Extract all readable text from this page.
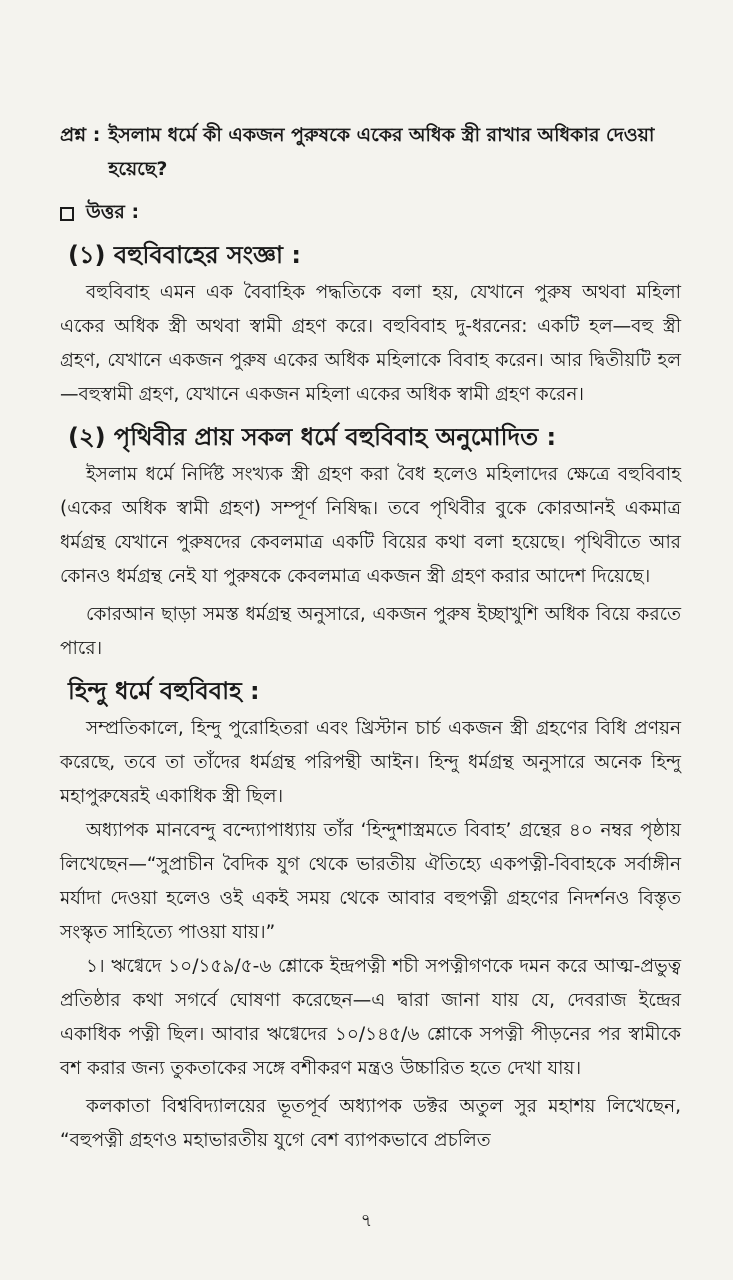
প্রশ্ন : ইসলাম ধর্মে কী একজন পুরুষকে একের অধিক স্ত্রী রাখার অধিকার দেওয়া হয়েছে?
উত্তর :
(১) বহুবিবাহের সংজ্ঞা :

বহুবিবাহ এমন এক বৈবাহিক পদ্ধতিকে বলা হয়, যেখানে পুরুষ অথবা মহিলা একের অধিক স্ত্রী অথবা স্বামী গ্রহণ করে। বহুবিবাহ দু-ধরনের: একটি হল—বহু স্ত্রী গ্রহণ, যেখানে একজন পুরুষ একের অধিক মহিলাকে বিবাহ করেন। আর দ্বিতীয়টি হল—বহুস্বামী গ্রহণ, যেখানে একজন মহিলা একের অধিক স্বামী গ্রহণ করেন।

(২) পৃথিবীর প্রায় সকল ধর্মে বহুবিবাহ অনুমোদিত :

ইসলাম ধর্মে নির্দিষ্ট সংখ্যক স্ত্রী গ্রহণ করা বৈধ হলেও মহিলাদের ক্ষেত্রে বহুবিবাহ (একের অধিক স্বামী গ্রহণ) সম্পূর্ণ নিষিদ্ধ। তবে পৃথিবীর বুকে কোরআনই একমাত্র ধর্মগ্রন্থ যেখানে পুরুষদের কেবলমাত্র একটি বিয়ের কথা বলা হয়েছে। পৃথিবীতে আর কোনও ধর্মগ্রন্থ নেই যা পুরুষকে কেবলমাত্র একজন স্ত্রী গ্রহণ করার আদেশ দিয়েছে।

কোরআন ছাড়া সমস্ত ধর্মগ্রন্থ অনুসারে, একজন পুরুষ ইচ্ছাখুশি অধিক বিয়ে করতে পারে।

হিন্দু ধর্মে বহুবিবাহ :

সম্প্রতিকালে, হিন্দু পুরোহিতরা এবং খ্রিস্টান চার্চ একজন স্ত্রী গ্রহণের বিধি প্রণয়ন করেছে, তবে তা তাঁদের ধর্মগ্রন্থ পরিপন্থী আইন। হিন্দু ধর্মগ্রন্থ অনুসারে অনেক হিন্দু মহাপুরুষেরই একাধিক স্ত্রী ছিল।

অধ্যাপক মানবেন্দু বন্দ্যোপাধ্যায় তাঁর ‘হিন্দুশাস্ত্রমতে বিবাহ’ গ্রন্থের ৪০ নম্বর পৃষ্ঠায় লিখেছেন—“সুপ্রাচীন বৈদিক যুগ থেকে ভারতীয় ঐতিহ্যে একপত্নী-বিবাহকে সর্বাঙ্গীন মর্যাদা দেওয়া হলেও ওই একই সময় থেকে আবার বহুপত্নী গ্রহণের নিদর্শনও বিস্তৃত সংস্কৃত সাহিত্যে পাওয়া যায়।”

১। ঋগ্বেদে ১০/১৫৯/৫-৬ শ্লোকে ইন্দ্রপত্নী শচী সপত্নীগণকে দমন করে আত্ম-প্রভুত্ব প্রতিষ্ঠার কথা সগর্বে ঘোষণা করেছেন—এ দ্বারা জানা যায় যে, দেবরাজ ইন্দ্রের একাধিক পত্নী ছিল। আবার ঋগ্বেদের ১০/১৪৫/৬ শ্লোকে সপত্নী পীড়নের পর স্বামীকে বশ করার জন্য তুকতাকের সঙ্গে বশীকরণ মন্ত্রও উচ্চারিত হতে দেখা যায়।

কলকাতা বিশ্ববিদ্যালয়ের ভূতপূর্ব অধ্যাপক ডক্টর অতুল সুর মহাশয় লিখেছেন, “বহুপত্নী গ্রহণও মহাভারতীয় যুগে বেশ ব্যাপকভাবে প্রচলিত

৭
